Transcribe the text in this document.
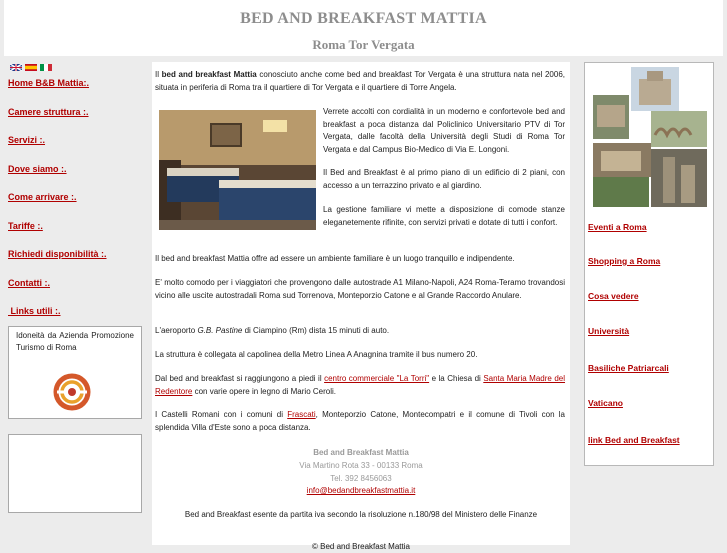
BED AND BREAKFAST MATTIA
Roma Tor Vergata
Home B&B Mattia:.
Camere struttura :.
Servizi :.
Dove siamo :.
Come arrivare :.
Tariffe :.
Richiedi disponibilità :.
Contatti :.
Links utili :.
Idoneità da Azienda Promozione Turismo di Roma
Il bed and breakfast Mattia conosciuto anche come bed and breakfast Tor Vergata è una struttura nata nel 2006, situata in periferia di Roma tra il quartiere di Tor Vergata e il quartiere di Torre Angela.
Verrete accolti con cordialità in un moderno e confortevole bed and breakfast a poca distanza dal Policlinico Universitario PTV di Tor Vergata, dalle facoltà della Università degli Studi di Roma Tor Vergata e dal Campus Bio-Medico di Via E. Longoni.
Il Bed and Breakfast è al primo piano di un edificio di 2 piani, con accesso a un terrazzino privato e al giardino.
La gestione familiare vi mette a disposizione di comode stanze eleganetemente rifinite, con servizi privati e dotate di tutti i confort.
Il bed and breakfast Mattia offre ad essere un ambiente familiare è un luogo tranquillo e indipendente.
E' molto comodo per i viaggiatori che provengono dalle autostrade A1 Milano-Napoli, A24 Roma-Teramo trovandosi vicino alle uscite autostradali Roma sud Torrenova, Monteporzio Catone e al Grande Raccordo Anulare.
L'aeroporto G.B. Pastine di Ciampino (Rm) dista 15 minuti di auto.
La struttura è collegata al capolinea della Metro Linea A Anagnina tramite il bus numero 20.
Dal bed and breakfast si raggiungono a piedi il centro commerciale "La Torri" e la Chiesa di Santa Maria Madre del Redentore con varie opere in legno di Mario Ceroli.
I Castelli Romani con i comuni di Frascati, Monteporzio Catone, Montecompatri e il comune di Tivoli con la splendida Villa d'Este sono a poca distanza.
Bed and Breakfast Mattia
Via Martino Rota 33 - 00133 Roma
Tel. 392 8456063
info@bedandbreakfastmattia.it
Bed and Breakfast esente da partita iva secondo la risoluzione n.180/98 del Ministero delle Finanze
© Bed and Breakfast Mattia
Eventi a Roma
Shopping a Roma
Cosa vedere
Università
Basiliche Patriarcali
Vaticano
link Bed and Breakfast
